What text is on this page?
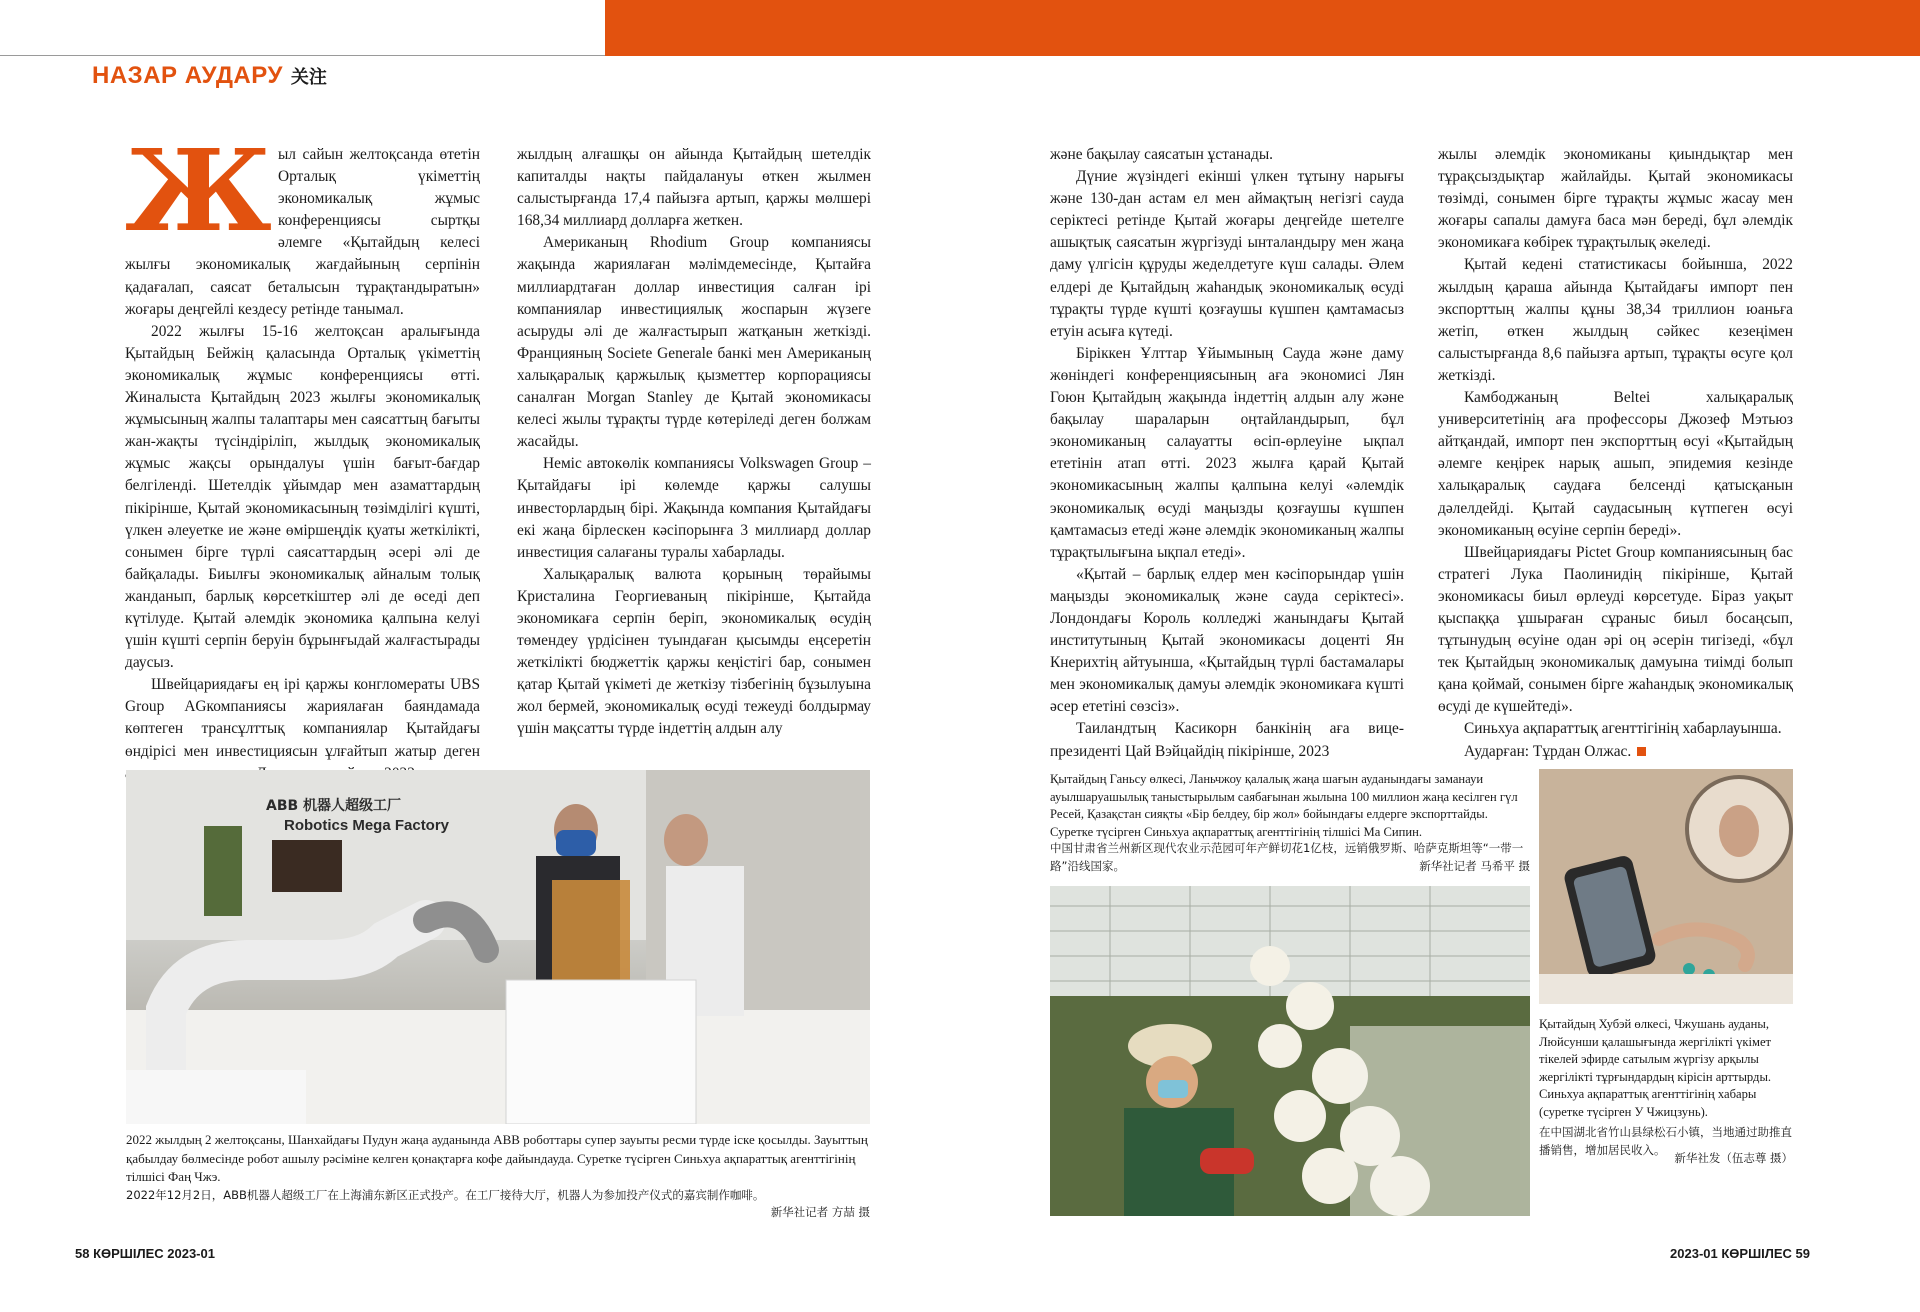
НАЗАР АУДАРУ 关注

Жыл сайын желтоқсанда өтетін Орталық үкіметтің экономикалық жұмыс конференциясы сыртқы әлемге «Қытайдың келесі жылғы экономикалық жағдайының серпінін қадағалап, саясат беталысын тұрақтандыратын» жоғары деңгейлі кездесу ретінде танымал.

2022 жылғы 15-16 желтоқсан аралығында Қытайдың Бейжің қаласында Орталық үкіметтің экономикалық жұмыс конференциясы өтті. Жиналыста Қытайдың 2023 жылғы экономикалық жұмысының жалпы талаптары мен саясаттың бағыты жан-жақты түсіндіріліп, жылдық экономикалық жұмыс жақсы орындалуы үшін бағыт-бағдар белгіленді. Шетелдік ұйымдар мен азаматтардың пікірінше, Қытай экономикасының төзімділігі күшті, үлкен әлеуетке ие және өміршеңдік қуаты жеткілікті, сонымен бірге түрлі саясаттардың әсері әлі де байқалады. Биылғы экономикалық айналым толық жанданып, барлық көрсеткіштер әлі де өседі деп күтілуде. Қытай әлемдік экономика қалпына келуі үшін күшті серпін беруін бұрынғыдай жалғастырады даусыз.

Швейцариядағы ең ірі қаржы конгломераты UBS Group AGкомпаниясы жариялаған баяндамада көптеген трансұлттық компаниялар Қытайдағы өндірісі мен инвестициясын ұлғайтып жатыр деген

жылдың алғашқы он айында Қытайдың шетелдік капиталды нақты пайдалануы өткен жылмен салыстырғанда 17,4 пайызға артып, қаржы мөлшері 168,34 миллиард долларға жеткен.

Американың Rhodium Group компаниясы жақында жариялаған мәлімдемесінде, Қытайға миллиардтаған доллар инвестиция салған ірі компаниялар инвестициялық жоспарын жүзеге асыруды әлі де жалғастырып жатқанын жеткізді. Францияның Societe Generale банкі мен Американың халықаралық қаржылық қызметтер корпорациясы саналған Morgan Stanley де Қытай экономикасы келесі жылы тұрақты түрде көтеріледі деген болжам жасайды.

Неміс автокөлік компаниясы Volkswagen Group – Қытайдағы ірі көлемде қаржы салушы инвесторлардың бірі. Жақында компания Қытайдағы екі жаңа бірлескен кәсіпорынға 3 миллиард доллар инвестиция салағаны туралы хабарлады.

Халықаралық валюта қорының төрайымы Кристалина Георгиеваның пікірінше, Қытайда экономикаға серпін беріп, экономикалық өсудің төмендеу үрдісінен туындаған қысымды еңсеретін жеткілікті бюджеттік қаржы кеңістігі бар, сонымен қатар Қытай үкіметі де жеткізу тізбегінің бұзылуына жол бермей, экономикалық өсуді тежеуді болдырмау үшін мақсатты түрде індеттің алдын алу

және бақылау саясатын ұстанады.

Дүние жүзіндегі екінші үлкен тұтыну нарығы және 130-дан астам ел мен аймақтың негізгі сауда серіктесі ретінде Қытай жоғары деңгейде шетелге ашықтық саясатын жүргізуді ынталандыру мен жаңа даму үлгісін құруды жеделдетуге күш салады. Әлем елдері де Қытайдың жаһандық экономикалық өсуді тұрақты түрде күшті қозғаушы күшпен қамтамасыз етуін асыға күтеді.

Біріккен Ұлттар Ұйымының Сауда және даму жөніндегі конференциясының аға экономисі Лян Гоюн Қытайдың жақында індеттің алдын алу және бақылау шараларын оңтайландырып, бұл экономиканың салауатты өсіп-өрлеуіне ықпал ететінін атап өтті. 2023 жылға қарай Қытай экономикасының жалпы қалпына келуі «әлемдік экономикалық өсуді маңызды қозғаушы күшпен қамтамасыз етеді және әлемдік экономиканың жалпы тұрақтылығына ықпал етеді».

«Қытай – барлық елдер мен кәсіпорындар үшін маңызды экономикалық және сауда серіктесі». Лондондағы Король колледжі жанындағы Қытай институтының Қытай экономикасы доценті Ян Кнерихтің айтуынша, «Қытайдың түрлі бастамалары мен экономикалық дамуы әлемдік экономикаға күшті әсер ететіні сөзсіз».

Таиландтың Касикорн банкінің аға вице-президенті Цай Вэйцайдің пікірінше, 2023

жылы әлемдік экономиканы қиындықтар мен тұрақсыздықтар жайлайды. Қытай экономикасы төзімді, сонымен бірге тұрақты жұмыс жасау мен жоғары сапалы дамуға баса мән береді, бұл әлемдік экономикаға көбірек тұрақтылық әкеледі.

Қытай кедені статистикасы бойынша, 2022 жылдың қараша айында Қытайдағы импорт пен экспорттың жалпы құны 38,34 триллион юаньға жетіп, өткен жылдың сәйкес кезеңімен салыстырғанда 8,6 пайызға артып, тұрақты өсуге қол жеткізді.

Камбоджаның Beltei халықаралық университетінің аға профессоры Джозеф Мэтьюз айтқандай, импорт пен экспорттың өсуі «Қытайдың әлемге кеңірек нарық ашып, эпидемия кезінде халықаралық саудаға белсенді қатысқанын дәлелдейді. Қытай саудасының күтпеген өсуі экономиканың өсуіне серпін береді».

Швейцариядағы Pictet Group компаниясының бас стратегі Лука Паолинидің пікірінше, Қытай экономикасы биыл өрлеуді көрсетуде. Біраз уақыт қыспаққа ұшыраған сұраныс биыл босаңсып, тұтынудың өсуіне одан әрі оң әсерін тигізеді, «бұл тек Қытайдың экономикалық дамуына тиімді болып қана қоймай, сонымен бірге жаһандық экономикалық өсуді де күшейтеді».

Синьхуа ақпараттық агенттігінің хабарлауынша.

Аударған: Тұрдан Олжас.

ABB 机器人超级工厂
Robotics Mega Factory
2022 жылдың 2 желтоқсаны, Шанхайдағы Пудун жаңа ауданында ABB роботтары супер зауыты ресми түрде іске қосылды. Зауыттың қабылдау бөлмесінде робот ашылу рәсіміне келген қонақтарға кофе дайындауда. Суретке түсірген Синьхуа ақпараттық агенттігінің тілшісі Фаң Чжэ.
2022年12月2日，ABB机器人超级工厂在上海浦东新区正式投产。在工厂接待大厅，机器人为参加投产仪式的嘉宾制作咖啡。
新华社记者 方喆 摄
Қытайдың Ганьсу өлкесі, Ланьчжоу қалалық жаңа шағын ауданындағы заманауи ауылшаруашылық таныстырылым саябағынан жылына 100 миллион жаңа кесілген гүл Ресей, Қазақстан сияқты «Бір белдеу, бір жол» бойындағы елдерге экспорттайды. Суретке түсірген Синьхуа ақпараттық агенттігінің тілшісі Ма Сипин.
中国甘肃省兰州新区现代农业示范园可年产鲜切花1亿枝，远销俄罗斯、哈萨克斯坦等“一带一路”沿线国家。	新华社记者 马希平 摄
Қытайдың Хубэй өлкесі, Чжушань ауданы, Люйсунши қалашығында жергілікті үкімет тікелей эфирде сатылым жүргізу арқылы жергілікті тұрғындардың кірісін арттырды. Синьхуа ақпараттық агенттігінің хабары (суретке түсірген У Чжицзунь).
在中国湖北省竹山县绿松石小镇，当地通过助推直播销售，增加居民收入。
新华社发（伍志尊 摄）
58 КӨРШІЛЕС 2023-01	2023-01 КӨРШІЛЕС 59
